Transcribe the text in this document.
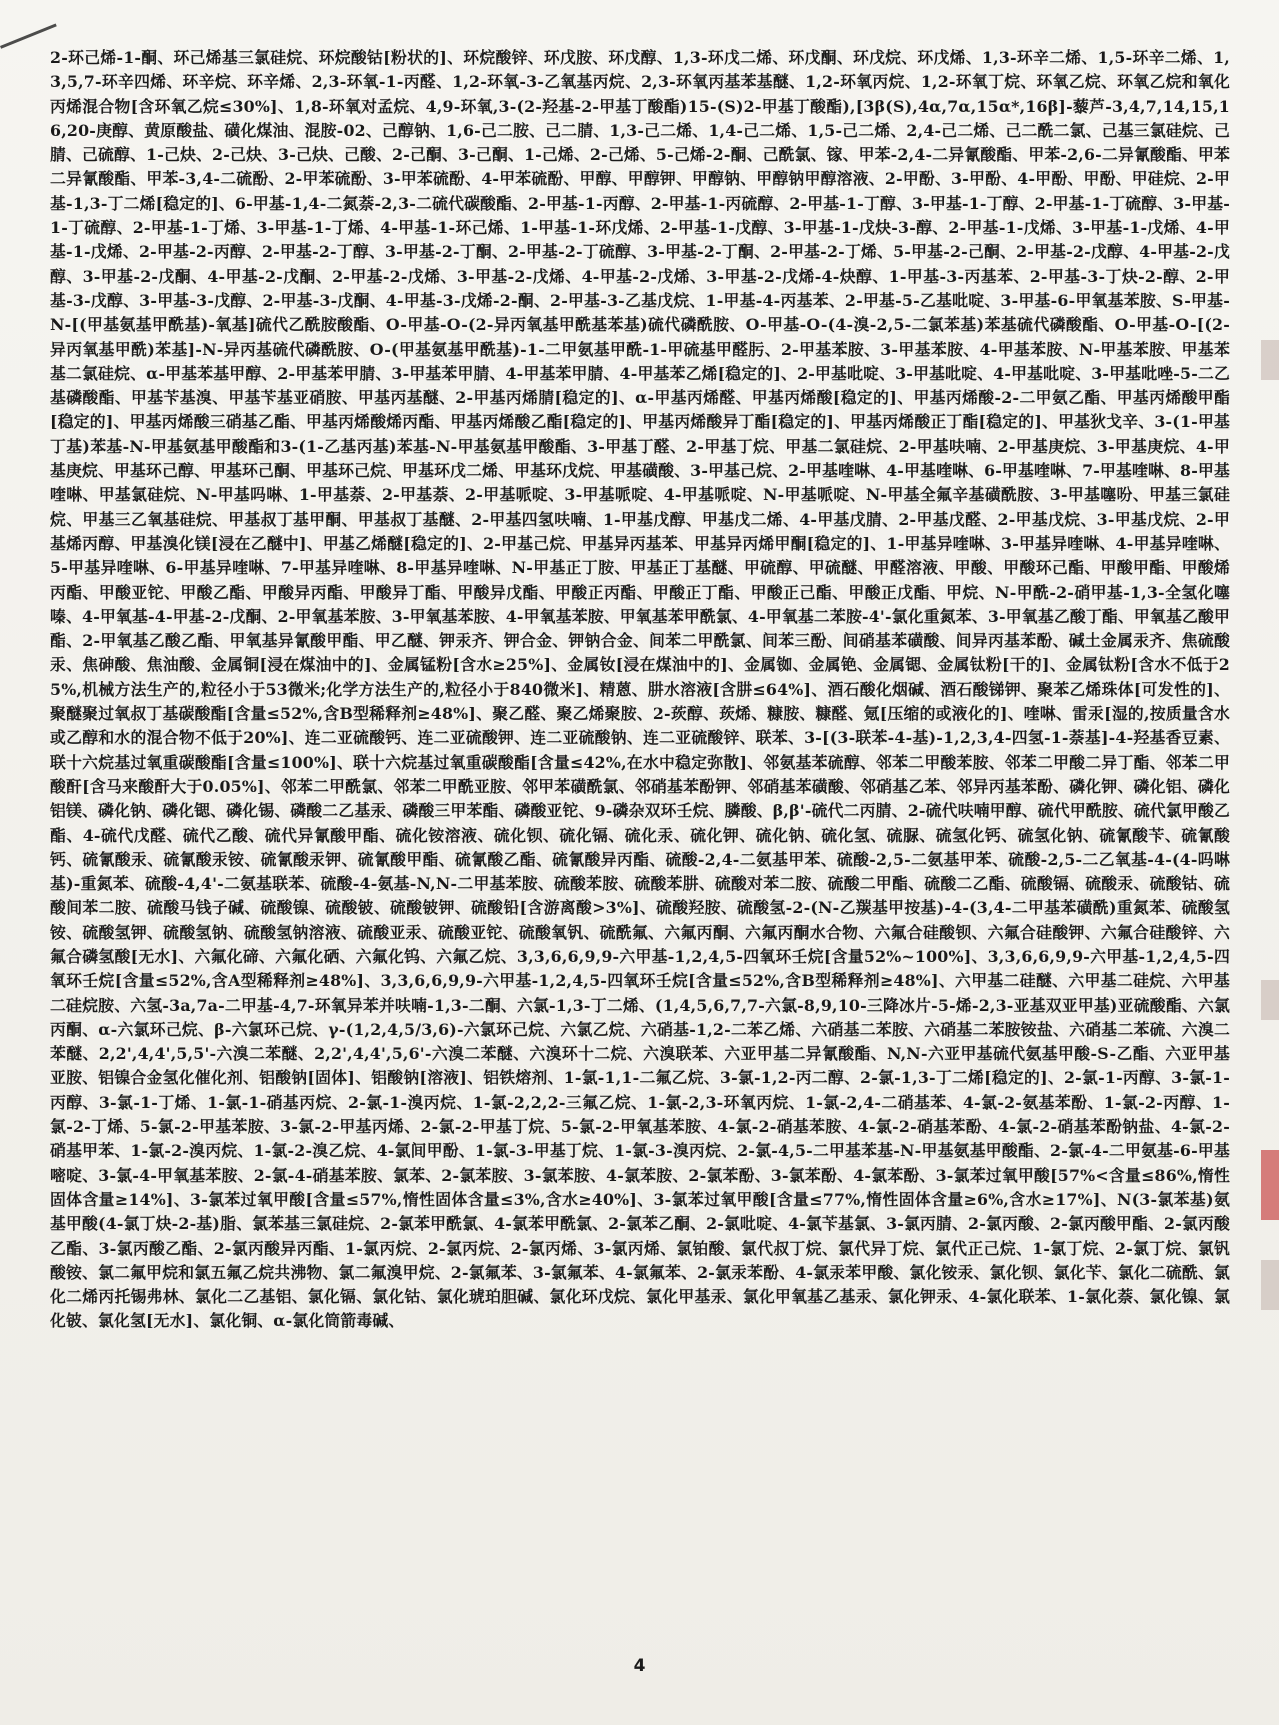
2-环己烯-1-酮、环己烯基三氯硅烷、环烷酸钴[粉状的]、环烷酸锌、环戊胺、环戊醇、1,3-环戊二烯、环戊酮、环戊烷、环戊烯、1,3-环辛二烯、1,5-环辛二烯、1,3,5,7-环辛四烯、环辛烷、环辛烯、2,3-环氧-1-丙醛、1,2-环氧-3-乙氧基丙烷、2,3-环氧丙基苯基醚、1,2-环氧丙烷、1,2-环氧丁烷、环氧乙烷、环氧乙烷和氧化丙烯混合物[含环氧乙烷≤30%]、1,8-环氧对孟烷、4,9-环氧,3-(2-羟基-2-甲基丁酸酯)15-(S)2-甲基丁酸酯),[3β(S),4α,7α,15α*,16β]-藜芦-3,4,7,14,15,16,20-庚醇、黄原酸盐、磺化煤油、混胺-02、己醇钠、1,6-己二胺、己二腈、1,3-己二烯、1,4-己二烯、1,5-己二烯、2,4-己二烯、己二酰二氯、己基三氯硅烷、己腈、己硫醇、1-己炔、2-己炔、3-己炔、己酸、2-己酮、3-己酮、1-己烯、2-己烯、5-己烯-2-酮、己酰氯、镓、甲苯-2,4-二异氰酸酯、甲苯-2,6-二异氰酸酯、甲苯二异氰酸酯、甲苯-3,4-二硫酚、2-甲苯硫酚、3-甲苯硫酚、4-甲苯硫酚、甲醇、甲醇钾、甲醇钠、甲醇钠甲醇溶液、2-甲酚、3-甲酚、4-甲酚、甲酚、甲硅烷、2-甲基-1,3-丁二烯[稳定的]、6-甲基-1,4-二氮萘-2,3-二硫代碳酸酯、2-甲基-1-丙醇、2-甲基-1-丙硫醇、2-甲基-1-丁醇、3-甲基-1-丁醇、2-甲基-1-丁硫醇、3-甲基-1-丁硫醇、2-甲基-1-丁烯、3-甲基-1-丁烯、4-甲基-1-环己烯、1-甲基-1-环戊烯、2-甲基-1-戊醇、3-甲基-1-戊炔-3-醇、2-甲基-1-戊烯、3-甲基-1-戊烯、4-甲基-1-戊烯、2-甲基-2-丙醇、2-甲基-2-丁醇、3-甲基-2-丁酮、2-甲基-2-丁硫醇、3-甲基-2-丁酮、2-甲基-2-丁烯、5-甲基-2-己酮、2-甲基-2-戊醇、4-甲基-2-戊醇、3-甲基-2-戊酮、4-甲基-2-戊酮、2-甲基-2-戊烯、3-甲基-2-戊烯、4-甲基-2-戊烯、3-甲基-2-戊烯-4-炔醇、1-甲基-3-丙基苯、2-甲基-3-丁炔-2-醇、2-甲基-3-戊醇、3-甲基-3-戊醇、2-甲基-3-戊酮、4-甲基-3-戊烯-2-酮、2-甲基-3-乙基戊烷、1-甲基-4-丙基苯、2-甲基-5-乙基吡啶、3-甲基-6-甲氧基苯胺、S-甲基-N-[(甲基氨基甲酰基)-氧基]硫代乙酰胺酸酯、O-甲基-O-(2-异丙氧基甲酰基苯基)硫代磷酰胺、O-甲基-O-(4-溴-2,5-二氯苯基)苯基硫代磷酸酯、O-甲基-O-[(2-异丙氧基甲酰)苯基]-N-异丙基硫代磷酰胺、O-(甲基氨基甲酰基)-1-二甲氨基甲酰-1-甲硫基甲醛肟、2-甲基苯胺、3-甲基苯胺、4-甲基苯胺、N-甲基苯胺、甲基苯基二氯硅烷、α-甲基苯基甲醇、2-甲基苯甲腈、3-甲基苯甲腈、4-甲基苯甲腈、4-甲基苯乙烯[稳定的]、2-甲基吡啶、3-甲基吡啶、4-甲基吡啶、3-甲基吡唑-5-二乙基磷酸酯、甲基苄基溴、甲基苄基亚硝胺、甲基丙基醚、2-甲基丙烯腈[稳定的]、α-甲基丙烯醛、甲基丙烯酸[稳定的]、甲基丙烯酸-2-二甲氨乙酯、甲基丙烯酸甲酯[稳定的]、甲基丙烯酸三硝基乙酯、甲基丙烯酸烯丙酯、甲基丙烯酸乙酯[稳定的]、甲基丙烯酸异丁酯[稳定的]、甲基丙烯酸正丁酯[稳定的]、甲基狄戈辛、3-(1-甲基丁基)苯基-N-甲基氨基甲酸酯和3-(1-乙基丙基)苯基-N-甲基氨基甲酸酯、3-甲基丁醛、2-甲基丁烷、甲基二氯硅烷、2-甲基呋喃、2-甲基庚烷、3-甲基庚烷、4-甲基庚烷、甲基环己醇、甲基环己酮、甲基环己烷、甲基环戊二烯、甲基环戊烷、甲基磺酸、3-甲基己烷、2-甲基喹啉、4-甲基喹啉、6-甲基喹啉、7-甲基喹啉、8-甲基喹啉、甲基氯硅烷、N-甲基吗啉、1-甲基萘、2-甲基萘、2-甲基哌啶、3-甲基哌啶、4-甲基哌啶、N-甲基哌啶、N-甲基全氟辛基磺酰胺、3-甲基噻吩、甲基三氯硅烷、甲基三乙氧基硅烷、甲基叔丁基甲酮、甲基叔丁基醚、2-甲基四氢呋喃、1-甲基戊醇、甲基戊二烯、4-甲基戊腈、2-甲基戊醛、2-甲基戊烷、3-甲基戊烷、2-甲基烯丙醇、甲基溴化镁[浸在乙醚中]、甲基乙烯醚[稳定的]、2-甲基己烷、甲基异丙基苯、甲基异丙烯甲酮[稳定的]、1-甲基异喹啉、3-甲基异喹啉、4-甲基异喹啉、5-甲基异喹啉、6-甲基异喹啉、7-甲基异喹啉、8-甲基异喹啉、N-甲基正丁胺、甲基正丁基醚、甲硫醇、甲硫醚、甲醛溶液、甲酸、甲酸环己酯、甲酸甲酯、甲酸烯丙酯、甲酸亚铊、甲酸乙酯、甲酸异丙酯、甲酸异丁酯、甲酸异戊酯、甲酸正丙酯、甲酸正丁酯、甲酸正己酯、甲酸正戊酯、甲烷、N-甲酰-2-硝甲基-1,3-全氢化噻嗪、4-甲氧基-4-甲基-2-戊酮、2-甲氧基苯胺、3-甲氧基苯胺、4-甲氧基苯胺、甲氧基苯甲酰氯、4-甲氧基二苯胺-4'-氯化重氮苯、3-甲氧基乙酸丁酯、甲氧基乙酸甲酯、2-甲氧基乙酸乙酯、甲氧基异氰酸甲酯、甲乙醚、钾汞齐、钾合金、钾钠合金、间苯二甲酰氯、间苯三酚、间硝基苯磺酸、间异丙基苯酚、碱土金属汞齐、焦硫酸汞、焦砷酸、焦油酸、金属铜[浸在煤油中的]、金属锰粉[含水≥25%]、金属钕[浸在煤油中的]、金属铷、金属铯、金属锶、金属钛粉[干的]、金属钛粉[含水不低于25%,机械方法生产的,粒径小于53微米;化学方法生产的,粒径小于840微米]、精蒽、肼水溶液[含肼≤64%]、酒石酸化烟碱、酒石酸锑钾、聚苯乙烯珠体[可发性的]、聚醚聚过氧叔丁基碳酸酯[含量≤52%,含B型稀释剂≥48%]、聚乙醛、聚乙烯聚胺、2-莰醇、莰烯、糠胺、糠醛、氪[压缩的或液化的]、喹啉、雷汞[湿的,按质量含水或乙醇和水的混合物不低于20%]、连二亚硫酸钙、连二亚硫酸钾、连二亚硫酸钠、连二亚硫酸锌、联苯、3-[(3-联苯-4-基)-1,2,3,4-四氢-1-萘基]-4-羟基香豆素、联十六烷基过氧重碳酸酯[含量≤100%]、联十六烷基过氧重碳酸酯[含量≤42%,在水中稳定弥散]、邻氨基苯硫醇、邻苯二甲酸苯胺、邻苯二甲酸二异丁酯、邻苯二甲酸酐[含马来酸酐大于0.05%]、邻苯二甲酰氯、邻苯二甲酰亚胺、邻甲苯磺酰氯、邻硝基苯酚钾、邻硝基苯磺酸、邻硝基乙苯、邻异丙基苯酚、磷化钾、磷化铝、磷化铝镁、磷化钠、磷化锶、磷化锡、磷酸二乙基汞、磷酸三甲苯酯、磷酸亚铊、9-磷杂双环壬烷、膦酸、β,β'-硫代二丙腈、2-硫代呋喃甲醇、硫代甲酰胺、硫代氯甲酸乙酯、4-硫代戊醛、硫代乙酸、硫代异氰酸甲酯、硫化铵溶液、硫化钡、硫化镉、硫化汞、硫化钾、硫化钠、硫化氢、硫脲、硫氢化钙、硫氢化钠、硫氰酸苄、硫氰酸钙、硫氰酸汞、硫氰酸汞铵、硫氰酸汞钾、硫氰酸甲酯、硫氰酸乙酯、硫氰酸异丙酯、硫酸-2,4-二氨基甲苯、硫酸-2,5-二氨基甲苯、硫酸-2,5-二乙氧基-4-(4-吗啉基)-重氮苯、硫酸-4,4'-二氨基联苯、硫酸-4-氨基-N,N-二甲基苯胺、硫酸苯胺、硫酸苯肼、硫酸对苯二胺、硫酸二甲酯、硫酸二乙酯、硫酸镉、硫酸汞、硫酸钴、硫酸间苯二胺、硫酸马钱子碱、硫酸镍、硫酸铍、硫酸铍钾、硫酸铅[含游离酸>3%]、硫酸羟胺、硫酸氢-2-(N-乙羰基甲按基)-4-(3,4-二甲基苯磺酰)重氮苯、硫酸氢铵、硫酸氢钾、硫酸氢钠、硫酸氢钠溶液、硫酸亚汞、硫酸亚铊、硫酸氧钒、硫酰氟、六氟丙酮、六氟丙酮水合物、六氟合硅酸钡、六氟合硅酸钾、六氟合硅酸锌、六氟合磷氢酸[无水]、六氟化碲、六氟化硒、六氟化钨、六氟乙烷、3,3,6,6,9,9-六甲基-1,2,4,5-四氧环壬烷[含量52%~100%]、3,3,6,6,9,9-六甲基-1,2,4,5-四氧环壬烷[含量≤52%,含A型稀释剂≥48%]、3,3,6,6,9,9-六甲基-1,2,4,5-四氧环壬烷[含量≤52%,含B型稀释剂≥48%]、六甲基二硅醚、六甲基二硅烷、六甲基二硅烷胺、六氢-3a,7a-二甲基-4,7-环氧异苯并呋喃-1,3-二酮、六氯-1,3-丁二烯、(1,4,5,6,7,7-六氯-8,9,10-三降冰片-5-烯-2,3-亚基双亚甲基)亚硫酸酯、六氯丙酮、α-六氯环己烷、β-六氯环己烷、γ-(1,2,4,5/3,6)-六氯环己烷、六氯乙烷、六硝基-1,2-二苯乙烯、六硝基二苯胺、六硝基二苯胺铵盐、六硝基二苯硫、六溴二苯醚、2,2',4,4',5,5'-六溴二苯醚、2,2',4,4',5,6'-六溴二苯醚、六溴环十二烷、六溴联苯、六亚甲基二异氰酸酯、N,N-六亚甲基硫代氨基甲酸-S-乙酯、六亚甲基亚胺、铝镍合金氢化催化剂、铝酸钠[固体]、铝酸钠[溶液]、铝铁熔剂、1-氯-1,1-二氟乙烷、3-氯-1,2-丙二醇、2-氯-1,3-丁二烯[稳定的]、2-氯-1-丙醇、3-氯-1-丙醇、3-氯-1-丁烯、1-氯-1-硝基丙烷、2-氯-1-溴丙烷、1-氯-2,2,2-三氟乙烷、1-氯-2,3-环氧丙烷、1-氯-2,4-二硝基苯、4-氯-2-氨基苯酚、1-氯-2-丙醇、1-氯-2-丁烯、5-氯-2-甲基苯胺、3-氯-2-甲基丙烯、2-氯-2-甲基丁烷、5-氯-2-甲氧基苯胺、4-氯-2-硝基苯胺、4-氯-2-硝基苯酚、4-氯-2-硝基苯酚钠盐、4-氯-2-硝基甲苯、1-氯-2-溴丙烷、1-氯-2-溴乙烷、4-氯间甲酚、1-氯-3-甲基丁烷、1-氯-3-溴丙烷、2-氯-4,5-二甲基苯基-N-甲基氨基甲酸酯、2-氯-4-二甲氨基-6-甲基嘧啶、3-氯-4-甲氧基苯胺、2-氯-4-硝基苯胺、氯苯、2-氯苯胺、3-氯苯胺、4-氯苯胺、2-氯苯酚、3-氯苯酚、4-氯苯酚、3-氯苯过氧甲酸[57%<含量≤86%,惰性固体含量≥14%]、3-氯苯过氧甲酸[含量≤57%,惰性固体含量≤3%,含水≥40%]、3-氯苯过氧甲酸[含量≤77%,惰性固体含量≥6%,含水≥17%]、N(3-氯苯基)氨基甲酸(4-氯丁炔-2-基)脂、氯苯基三氯硅烷、2-氯苯甲酰氯、4-氯苯甲酰氯、2-氯苯乙酮、2-氯吡啶、4-氯苄基氯、3-氯丙腈、2-氯丙酸、2-氯丙酸甲酯、2-氯丙酸乙酯、3-氯丙酸乙酯、2-氯丙酸异丙酯、1-氯丙烷、2-氯丙烷、2-氯丙烯、3-氯丙烯、氯铂酸、氯代叔丁烷、氯代异丁烷、氯代正己烷、1-氯丁烷、2-氯丁烷、氯钒酸铵、氯二氟甲烷和氯五氟乙烷共沸物、氯二氟溴甲烷、2-氯氟苯、3-氯氟苯、4-氯氟苯、2-氯汞苯酚、4-氯汞苯甲酸、氯化铵汞、氯化钡、氯化苄、氯化二硫酰、氯化二烯丙托锡弗林、氯化二乙基铝、氯化镉、氯化钴、氯化琥珀胆碱、氯化环戊烷、氯化甲基汞、氯化甲氧基乙基汞、氯化钾汞、4-氯化联苯、1-氯化萘、氯化镍、氯化铍、氯化氢[无水]、氯化铜、α-氯化筒箭毒碱、
4
